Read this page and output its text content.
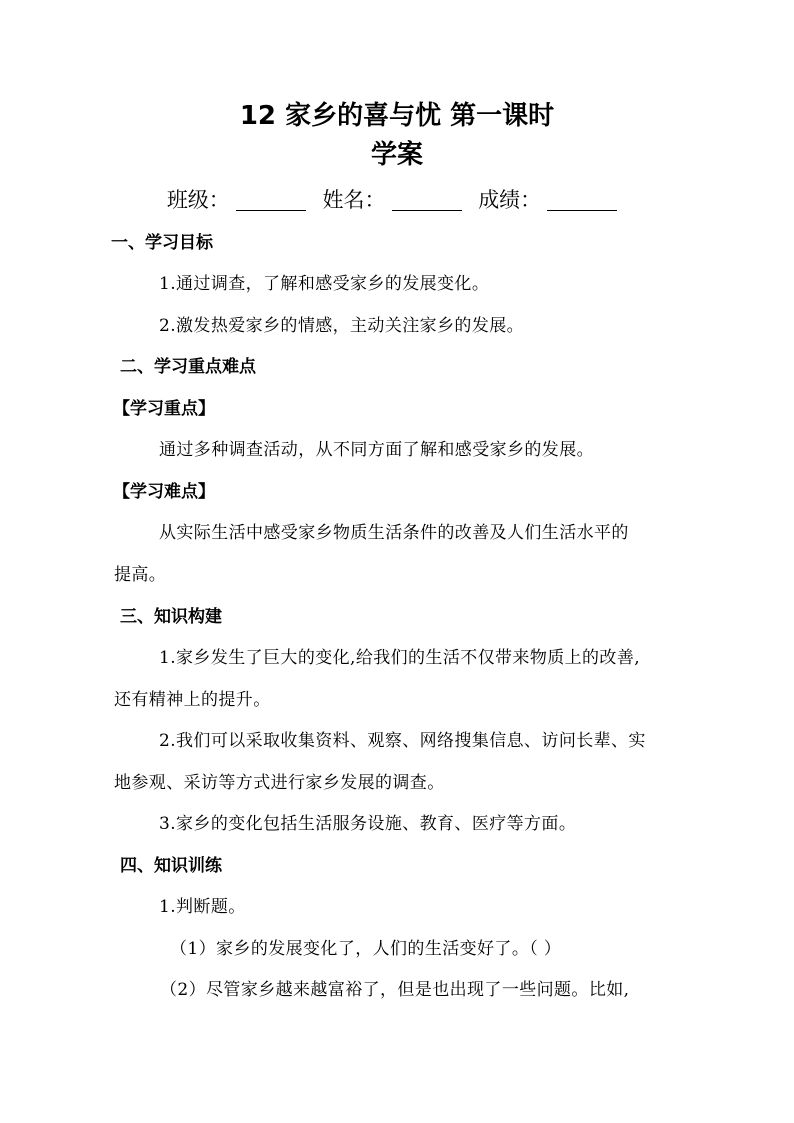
12 家乡的喜与忧 第一课时
学案
班级：	姓名：	成绩：
一、学习目标
1.通过调查，了解和感受家乡的发展变化。
2.激发热爱家乡的情感，主动关注家乡的发展。
二、学习重点难点
【学习重点】
通过多种调查活动，从不同方面了解和感受家乡的发展。
【学习难点】
从实际生活中感受家乡物质生活条件的改善及人们生活水平的
提高。
三、知识构建
1.家乡发生了巨大的变化,给我们的生活不仅带来物质上的改善,
还有精神上的提升。
2.我们可以采取收集资料、观察、网络搜集信息、访问长辈、实
地参观、采访等方式进行家乡发展的调查。
3.家乡的变化包括生活服务设施、教育、医疗等方面。
四、知识训练
1.判断题。
（1）家乡的发展变化了，人们的生活变好了。（ ）
（2）尽管家乡越来越富裕了，但是也出现了一些问题。比如,
